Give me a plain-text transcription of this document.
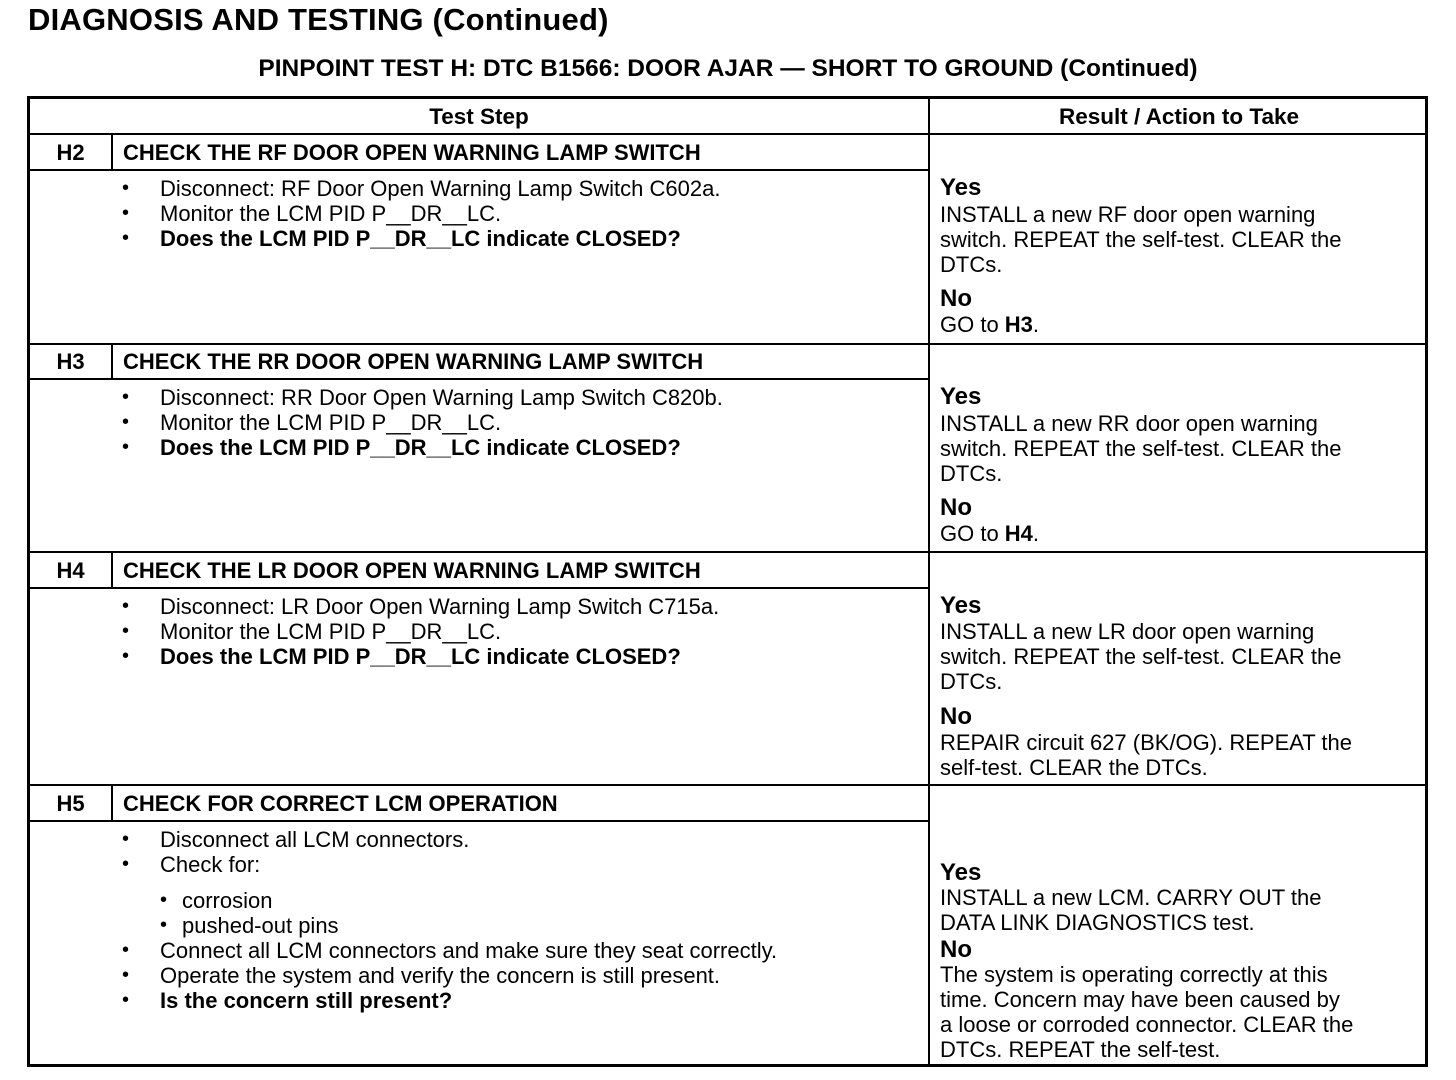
DIAGNOSIS AND TESTING (Continued)
PINPOINT TEST H: DTC B1566: DOOR AJAR — SHORT TO GROUND (Continued)
Test Step	Result / Action to Take
H2	CHECK THE RF DOOR OPEN WARNING LAMP SWITCH
• Disconnect: RF Door Open Warning Lamp Switch C602a.
• Monitor the LCM PID P__DR__LC.
• Does the LCM PID P__DR__LC indicate CLOSED?
Yes
INSTALL a new RF door open warning
switch. REPEAT the self-test. CLEAR the
DTCs.
No
GO to H3.
H3	CHECK THE RR DOOR OPEN WARNING LAMP SWITCH
• Disconnect: RR Door Open Warning Lamp Switch C820b.
• Monitor the LCM PID P__DR__LC.
• Does the LCM PID P__DR__LC indicate CLOSED?
Yes
INSTALL a new RR door open warning
switch. REPEAT the self-test. CLEAR the
DTCs.
No
GO to H4.
H4	CHECK THE LR DOOR OPEN WARNING LAMP SWITCH
• Disconnect: LR Door Open Warning Lamp Switch C715a.
• Monitor the LCM PID P__DR__LC.
• Does the LCM PID P__DR__LC indicate CLOSED?
Yes
INSTALL a new LR door open warning
switch. REPEAT the self-test. CLEAR the
DTCs.
No
REPAIR circuit 627 (BK/OG). REPEAT the
self-test. CLEAR the DTCs.
H5	CHECK FOR CORRECT LCM OPERATION
• Disconnect all LCM connectors.
• Check for:
• corrosion
• pushed-out pins
• Connect all LCM connectors and make sure they seat correctly.
• Operate the system and verify the concern is still present.
• Is the concern still present?
Yes
INSTALL a new LCM. CARRY OUT the
DATA LINK DIAGNOSTICS test.
No
The system is operating correctly at this
time. Concern may have been caused by
a loose or corroded connector. CLEAR the
DTCs. REPEAT the self-test.
